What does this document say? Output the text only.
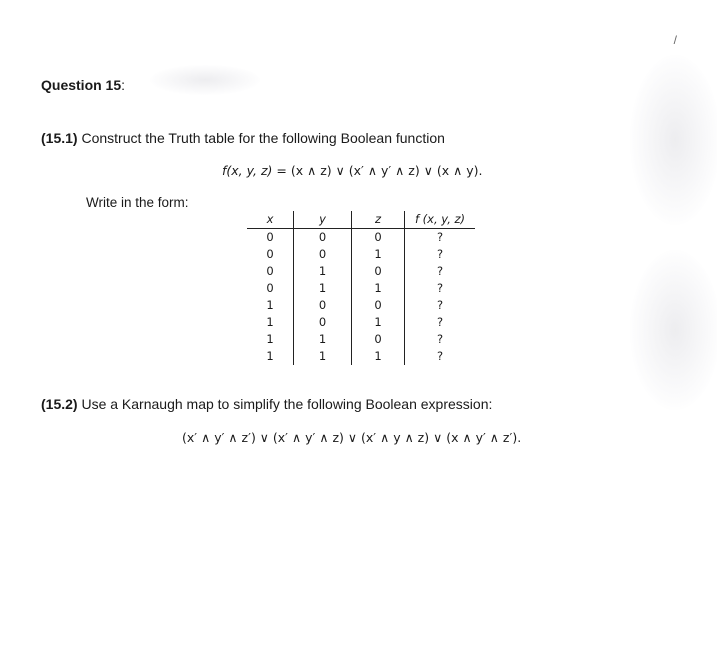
/
Question 15:
(15.1) Construct the Truth table for the following Boolean function
f(x, y, z) = (x ∧ z) ∨ (x′ ∧ y′ ∧ z) ∨ (x ∧ y).
Write in the form:
x	y	z	f (x, y, z)
0	0	0	?
0	0	1	?
0	1	0	?
0	1	1	?
1	0	0	?
1	0	1	?
1	1	0	?
1	1	1	?
(15.2) Use a Karnaugh map to simplify the following Boolean expression:
(x′ ∧ y′ ∧ z′) ∨ (x′ ∧ y′ ∧ z) ∨ (x′ ∧ y ∧ z) ∨ (x ∧ y′ ∧ z′).
